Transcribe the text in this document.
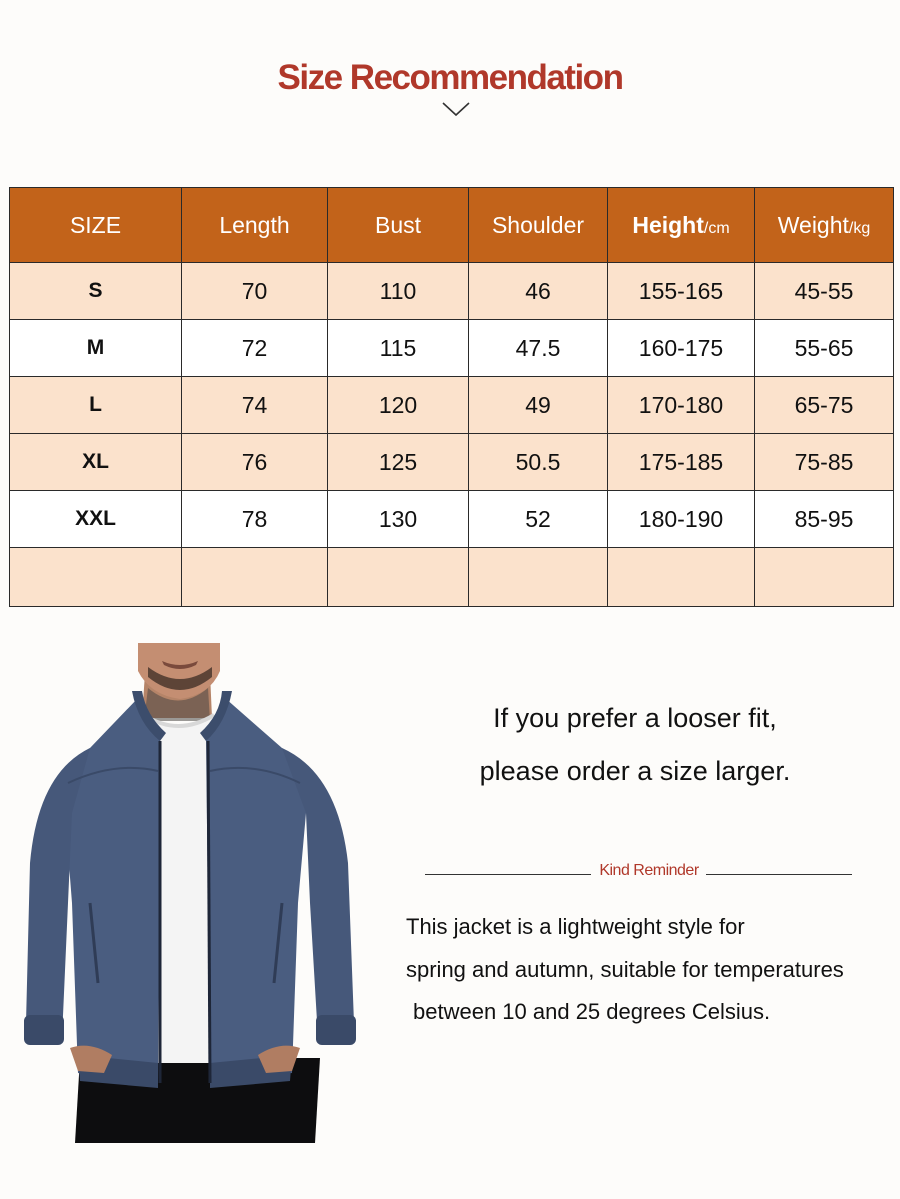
Size Recommendation
SIZE	Length	Bust	Shoulder	Height/cm	Weight/kg
S	70	110	46	155-165	45-55
M	72	115	47.5	160-175	55-65
L	74	120	49	170-180	65-75
XL	76	125	50.5	175-185	75-85
XXL	78	130	52	180-190	85-95

If you prefer a looser fit,
please order a size larger.
Kind Reminder
This jacket is a lightweight style for
spring and autumn, suitable for temperatures
between 10 and 25 degrees Celsius.
